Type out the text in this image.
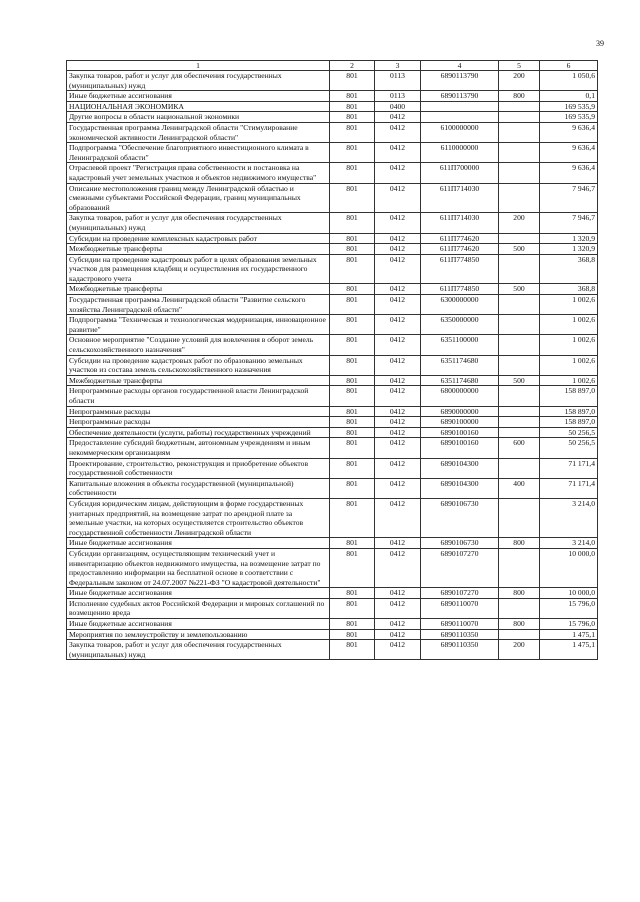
39
1	2	3	4	5	6
Закупка товаров, работ и услуг для обеспечения государственных (муниципальных) нужд	801	0113	6890113790	200	1 050,6
Иные бюджетные ассигнования	801	0113	6890113790	800	0,1
НАЦИОНАЛЬНАЯ ЭКОНОМИКА	801	0400			169 535,9
Другие вопросы в области национальной экономики	801	0412			169 535,9
Государственная программа Ленинградской области "Стимулирование экономической активности Ленинградской области"	801	0412	6100000000		9 636,4
Подпрограмма "Обеспечение благоприятного инвестиционного климата в Ленинградской области"	801	0412	6110000000		9 636,4
Отраслевой проект "Регистрация права собственности и постановка на кадастровый учет земельных участков и объектов недвижимого имущества"	801	0412	611П700000		9 636,4
Описание местоположения границ между Ленинградской областью и смежными субъектами Российской Федерации, границ муниципальных образований	801	0412	611П714030		7 946,7
Закупка товаров, работ и услуг для обеспечения государственных (муниципальных) нужд	801	0412	611П714030	200	7 946,7
Субсидии на проведение комплексных кадастровых работ	801	0412	611П774620		1 320,9
Межбюджетные трансферты	801	0412	611П774620	500	1 320,9
Субсидии на проведение кадастровых работ в целях образования земельных участков для размещения кладбищ и осуществления их государственного кадастрового учета	801	0412	611П774850		368,8
Межбюджетные трансферты	801	0412	611П774850	500	368,8
Государственная программа Ленинградской области "Развитие сельского хозяйства Ленинградской области"	801	0412	6300000000		1 002,6
Подпрограмма "Техническая и технологическая модернизация, инновационное развитие"	801	0412	6350000000		1 002,6
Основное мероприятие "Создание условий для вовлечения в оборот земель сельскохозяйственного назначения"	801	0412	6351100000		1 002,6
Субсидии на проведение кадастровых работ по образованию земельных участков из состава земель сельскохозяйственного назначения	801	0412	6351174680		1 002,6
Межбюджетные трансферты	801	0412	6351174680	500	1 002,6
Непрограммные расходы органов государственной власти Ленинградской области	801	0412	6800000000		158 897,0
Непрограммные расходы	801	0412	6890000000		158 897,0
Непрограммные расходы	801	0412	6890100000		158 897,0
Обеспечение деятельности (услуги, работы) государственных учреждений	801	0412	6890100160		50 256,5
Предоставление субсидий бюджетным, автономным учреждениям и иным некоммерческим организациям	801	0412	6890100160	600	50 256,5
Проектирование, строительство, реконструкция и приобретение объектов государственной собственности	801	0412	6890104300		71 171,4
Капитальные вложения в объекты государственной (муниципальной) собственности	801	0412	6890104300	400	71 171,4
Субсидия юридическим лицам, действующим в форме государственных унитарных предприятий, на возмещение затрат по арендной плате за земельные участки, на которых осуществляется строительство объектов государственной собственности Ленинградской области	801	0412	6890106730		3 214,0
Иные бюджетные ассигнования	801	0412	6890106730	800	3 214,0
Субсидии организациям, осуществляющим технический учет и инвентаризацию объектов недвижимого имущества, на возмещение затрат по предоставлению информации на бесплатной основе в соответствии с Федеральным законом от 24.07.2007 №221-ФЗ "О кадастровой деятельности"	801	0412	6890107270		10 000,0
Иные бюджетные ассигнования	801	0412	6890107270	800	10 000,0
Исполнение судебных актов Российской Федерации и мировых соглашений по возмещению вреда	801	0412	6890110070		15 796,0
Иные бюджетные ассигнования	801	0412	6890110070	800	15 796,0
Мероприятия по землеустройству и землепользованию	801	0412	6890110350		1 475,1
Закупка товаров, работ и услуг для обеспечения государственных (муниципальных) нужд	801	0412	6890110350	200	1 475,1
